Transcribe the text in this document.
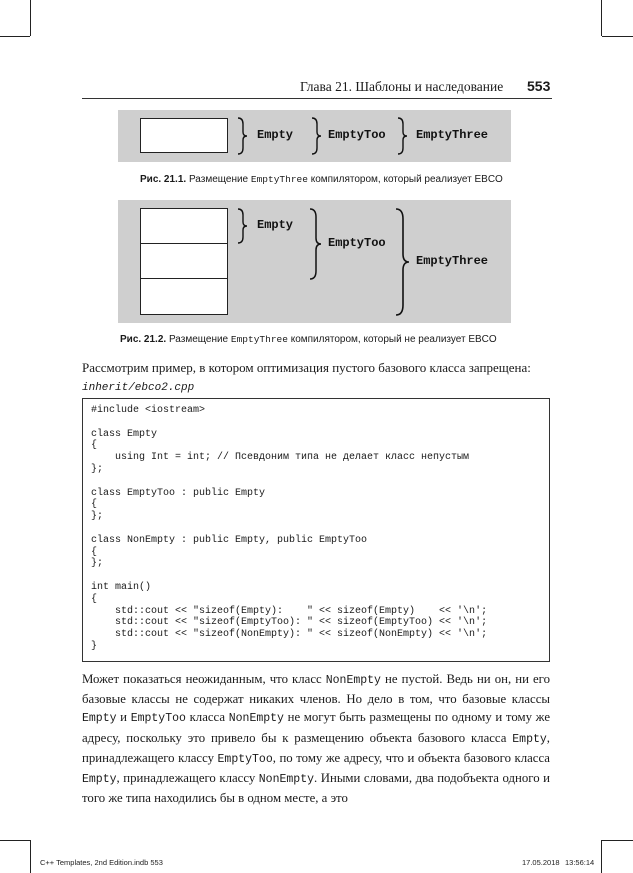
Глава 21. Шаблоны и наследование 553
Empty	EmptyToo	EmptyThree
Рис. 21.1. Размещение EmptyThree компилятором, который реализует EBCO
Empty
EmptyToo
EmptyThree
Рис. 21.2. Размещение EmptyThree компилятором, который не реализует EBCO
Рассмотрим пример, в котором оптимизация пустого базового класса запрещена:
inherit/ebco2.cpp
#include <iostream>
class Empty
{
using Int = int; // Псевдоним типа не делает класс непустым
};
class EmptyToo : public Empty
{
};
class NonEmpty : public Empty, public EmptyToo
{
};
int main()
{
std::cout << "sizeof(Empty):    " << sizeof(Empty)    << '\n';
std::cout << "sizeof(EmptyToo): " << sizeof(EmptyToo) << '\n';
std::cout << "sizeof(NonEmpty): " << sizeof(NonEmpty) << '\n';
}
Может показаться неожиданным, что класс NonEmpty не пустой. Ведь ни он, ни его базовые классы не содержат никаких членов. Но дело в том, что базовые классы Empty и EmptyToo класса NonEmpty не могут быть размещены по одному и тому же адресу, поскольку это привело бы к размещению объекта базового класса Empty, принадлежащего классу EmptyToo, по тому же адресу, что и объекта базового класса Empty, принадлежащего классу NonEmpty. Иными словами, два подобъекта одного и того же типа находились бы в одном месте, а это
C++ Templates, 2nd Edition.indb 553	17.05.2018 13:56:14
